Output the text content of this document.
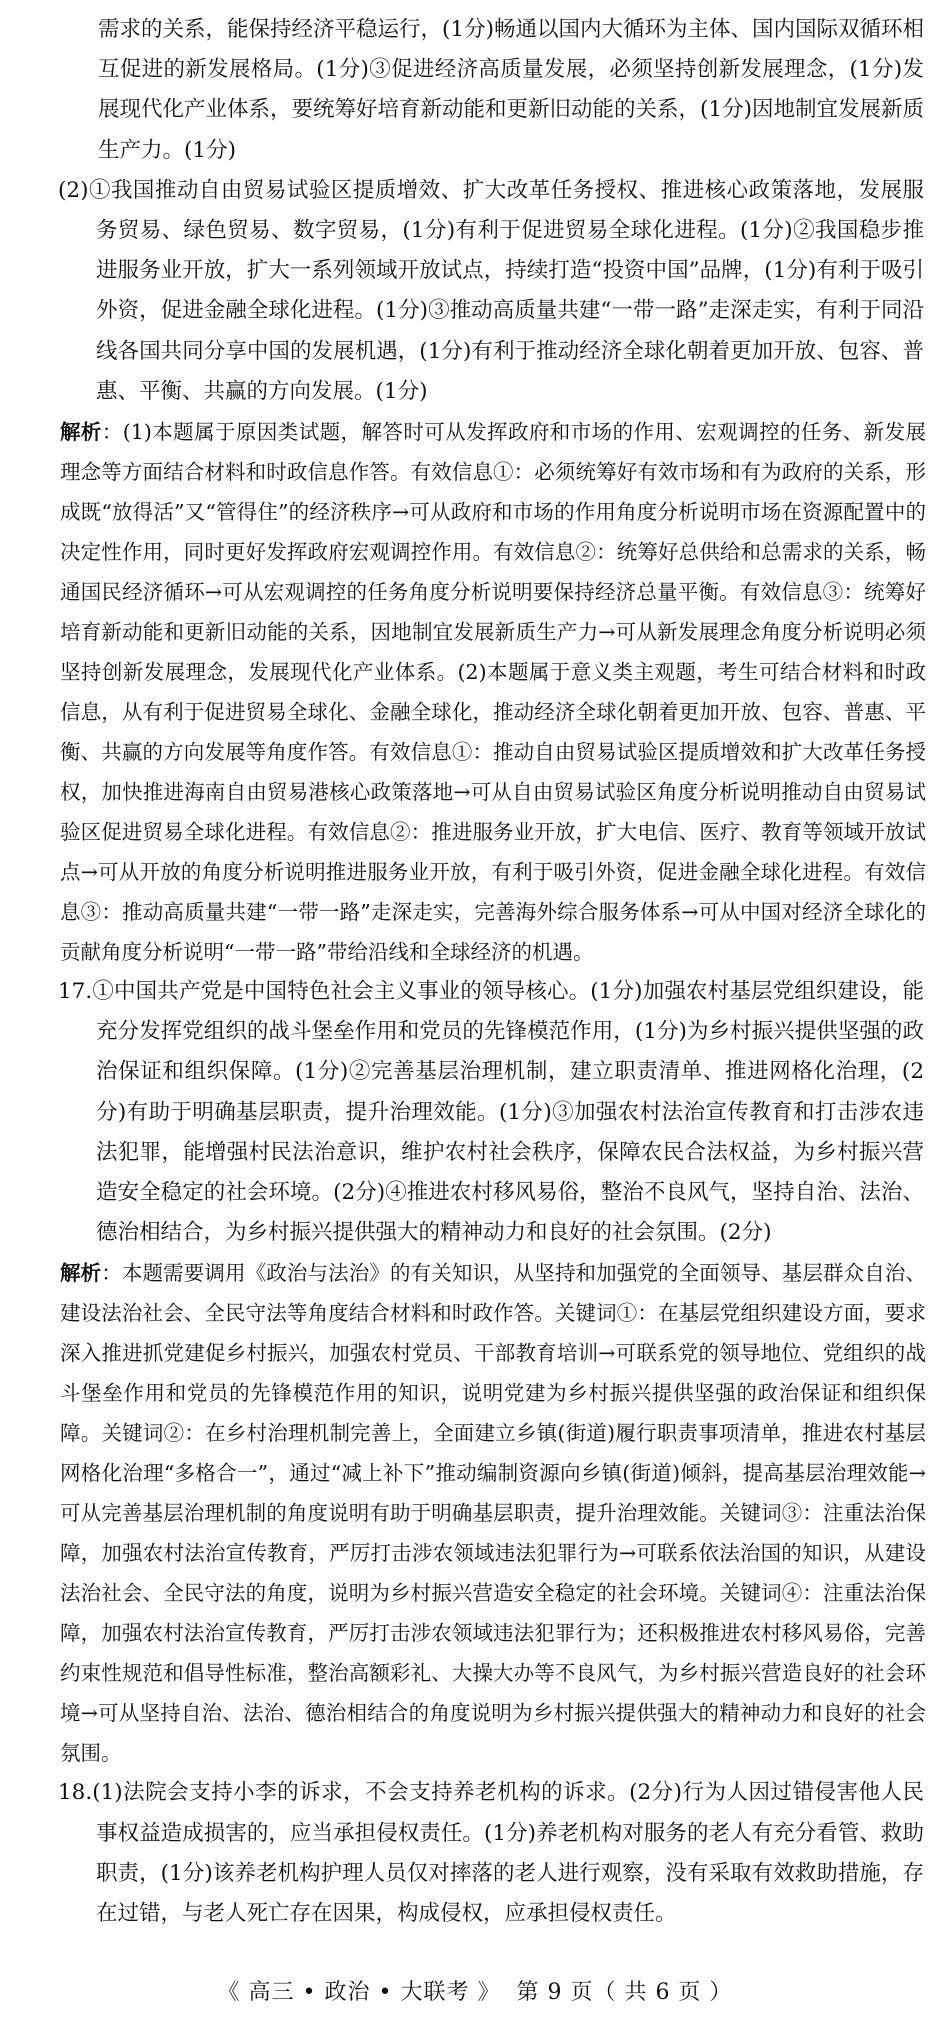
需求的关系，能保持经济平稳运行，(1分)畅通以国内大循环为主体、国内国际双循环相互促进的新发展格局。(1分)③促进经济高质量发展，必须坚持创新发展理念，(1分)发展现代化产业体系，要统筹好培育新动能和更新旧动能的关系，(1分)因地制宜发展新质生产力。(1分)

(2)①我国推动自由贸易试验区提质增效、扩大改革任务授权、推进核心政策落地，发展服务贸易、绿色贸易、数字贸易，(1分)有利于促进贸易全球化进程。(1分)②我国稳步推进服务业开放，扩大一系列领域开放试点，持续打造“投资中国”品牌，(1分)有利于吸引外资，促进金融全球化进程。(1分)③推动高质量共建“一带一路”走深走实，有利于同沿线各国共同分享中国的发展机遇，(1分)有利于推动经济全球化朝着更加开放、包容、普惠、平衡、共赢的方向发展。(1分)

解析：(1)本题属于原因类试题，解答时可从发挥政府和市场的作用、宏观调控的任务、新发展理念等方面结合材料和时政信息作答。有效信息①：必须统筹好有效市场和有为政府的关系，形成既“放得活”又“管得住”的经济秩序→可从政府和市场的作用角度分析说明市场在资源配置中的决定性作用，同时更好发挥政府宏观调控作用。有效信息②：统筹好总供给和总需求的关系，畅通国民经济循环→可从宏观调控的任务角度分析说明要保持经济总量平衡。有效信息③：统筹好培育新动能和更新旧动能的关系，因地制宜发展新质生产力→可从新发展理念角度分析说明必须坚持创新发展理念，发展现代化产业体系。(2)本题属于意义类主观题，考生可结合材料和时政信息，从有利于促进贸易全球化、金融全球化，推动经济全球化朝着更加开放、包容、普惠、平衡、共赢的方向发展等角度作答。有效信息①：推动自由贸易试验区提质增效和扩大改革任务授权，加快推进海南自由贸易港核心政策落地→可从自由贸易试验区角度分析说明推动自由贸易试验区促进贸易全球化进程。有效信息②：推进服务业开放，扩大电信、医疗、教育等领域开放试点→可从开放的角度分析说明推进服务业开放，有利于吸引外资，促进金融全球化进程。有效信息③：推动高质量共建“一带一路”走深走实，完善海外综合服务体系→可从中国对经济全球化的贡献角度分析说明“一带一路”带给沿线和全球经济的机遇。

17.①中国共产党是中国特色社会主义事业的领导核心。(1分)加强农村基层党组织建设，能充分发挥党组织的战斗堡垒作用和党员的先锋模范作用，(1分)为乡村振兴提供坚强的政治保证和组织保障。(1分)②完善基层治理机制，建立职责清单、推进网格化治理，(2分)有助于明确基层职责，提升治理效能。(1分)③加强农村法治宣传教育和打击涉农违法犯罪，能增强村民法治意识，维护农村社会秩序，保障农民合法权益，为乡村振兴营造安全稳定的社会环境。(2分)④推进农村移风易俗，整治不良风气，坚持自治、法治、德治相结合，为乡村振兴提供强大的精神动力和良好的社会氛围。(2分)

解析：本题需要调用《政治与法治》的有关知识，从坚持和加强党的全面领导、基层群众自治、建设法治社会、全民守法等角度结合材料和时政作答。关键词①：在基层党组织建设方面，要求深入推进抓党建促乡村振兴，加强农村党员、干部教育培训→可联系党的领导地位、党组织的战斗堡垒作用和党员的先锋模范作用的知识，说明党建为乡村振兴提供坚强的政治保证和组织保障。关键词②：在乡村治理机制完善上，全面建立乡镇(街道)履行职责事项清单，推进农村基层网格化治理“多格合一”，通过“减上补下”推动编制资源向乡镇(街道)倾斜，提高基层治理效能→可从完善基层治理机制的角度说明有助于明确基层职责，提升治理效能。关键词③：注重法治保障，加强农村法治宣传教育，严厉打击涉农领域违法犯罪行为→可联系依法治国的知识，从建设法治社会、全民守法的角度，说明为乡村振兴营造安全稳定的社会环境。关键词④：注重法治保障，加强农村法治宣传教育，严厉打击涉农领域违法犯罪行为；还积极推进农村移风易俗，完善约束性规范和倡导性标准，整治高额彩礼、大操大办等不良风气，为乡村振兴营造良好的社会环境→可从坚持自治、法治、德治相结合的角度说明为乡村振兴提供强大的精神动力和良好的社会氛围。

18.(1)法院会支持小李的诉求，不会支持养老机构的诉求。(2分)行为人因过错侵害他人民事权益造成损害的，应当承担侵权责任。(1分)养老机构对服务的老人有充分看管、救助职责，(1分)该养老机构护理人员仅对摔落的老人进行观察，没有采取有效救助措施，存在过错，与老人死亡存在因果，构成侵权，应承担侵权责任。

《 高三 • 政治 • 大联考 》 第 9 页（ 共 6 页 ）
